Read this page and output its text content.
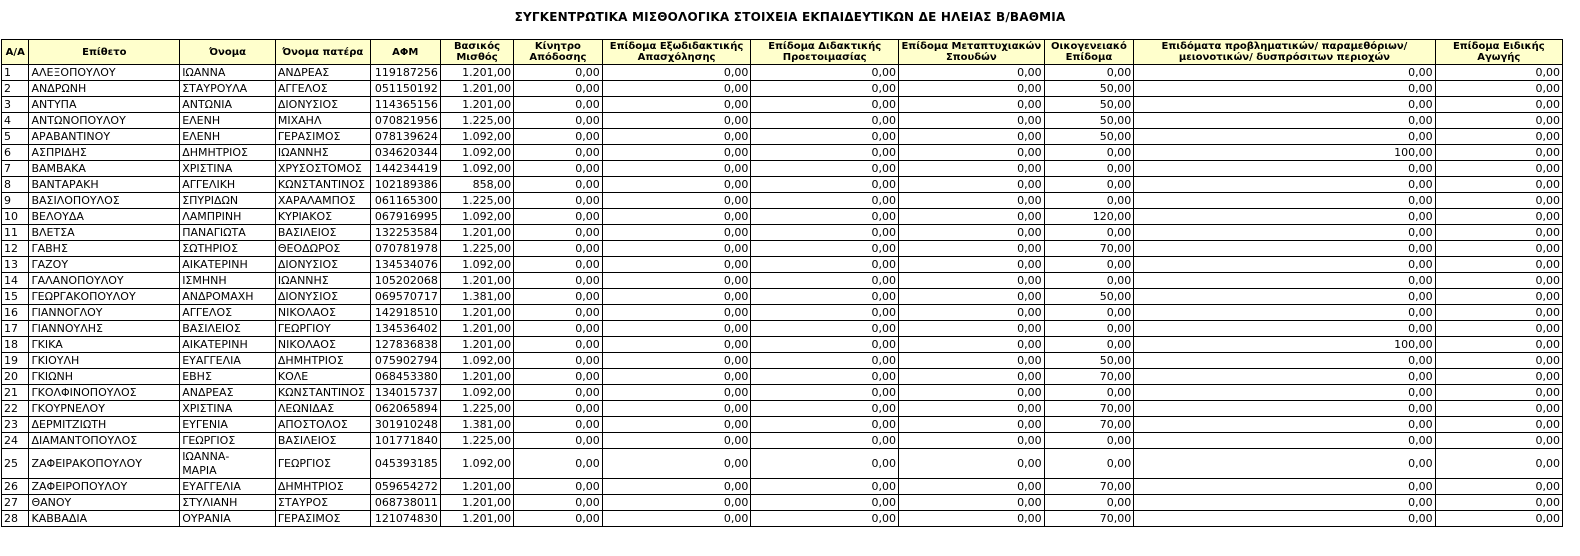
ΣΥΓΚΕΝΤΡΩΤΙΚΑ ΜΙΣΘΟΛΟΓΙΚΑ ΣΤΟΙΧΕΙΑ ΕΚΠΑΙΔΕΥΤΙΚΩΝ ΔΕ ΗΛΕΙΑΣ Β/ΒΑΘΜΙΑ
Α/Α	Επίθετο	Όνομα	Όνομα πατέρα	ΑΦΜ	Βασικός Μισθός	Κίνητρο Απόδοσης	Επίδομα Εξωδιδακτικής Απασχόλησης	Επίδομα Διδακτικής Προετοιμασίας	Επίδομα Μεταπτυχιακών Σπουδών	Οικογενειακό Επίδομα	Επιδόματα προβληματικών/ παραμεθόριων/ μειονοτικών/ δυσπρόσιτων περιοχών	Επίδομα Ειδικής Αγωγής
1	ΑΛΕΞΟΠΟΥΛΟΥ	ΙΩΑΝΝΑ	ΑΝΔΡΕΑΣ	119187256	1.201,00	0,00	0,00	0,00	0,00	0,00	0,00	0,00
2	ΑΝΔΡΩΝΗ	ΣΤΑΥΡΟΥΛΑ	ΑΓΓΕΛΟΣ	051150192	1.201,00	0,00	0,00	0,00	0,00	50,00	0,00	0,00
3	ΑΝΤΥΠΑ	ΑΝΤΩΝΙΑ	ΔΙΟΝΥΣΙΟΣ	114365156	1.201,00	0,00	0,00	0,00	0,00	50,00	0,00	0,00
4	ΑΝΤΩΝΟΠΟΥΛΟΥ	ΕΛΕΝΗ	ΜΙΧΑΗΛ	070821956	1.225,00	0,00	0,00	0,00	0,00	50,00	0,00	0,00
5	ΑΡΑΒΑΝΤΙΝΟΥ	ΕΛΕΝΗ	ΓΕΡΑΣΙΜΟΣ	078139624	1.092,00	0,00	0,00	0,00	0,00	50,00	0,00	0,00
6	ΑΣΠΡΙΔΗΣ	ΔΗΜΗΤΡΙΟΣ	ΙΩΑΝΝΗΣ	034620344	1.092,00	0,00	0,00	0,00	0,00	0,00	100,00	0,00
7	ΒΑΜΒΑΚΑ	ΧΡΙΣΤΙΝΑ	ΧΡΥΣΟΣΤΟΜΟΣ	144234419	1.092,00	0,00	0,00	0,00	0,00	0,00	0,00	0,00
8	ΒΑΝΤΑΡΑΚΗ	ΑΓΓΕΛΙΚΗ	ΚΩΝΣΤΑΝΤΙΝΟΣ	102189386	858,00	0,00	0,00	0,00	0,00	0,00	0,00	0,00
9	ΒΑΣΙΛΟΠΟΥΛΟΣ	ΣΠΥΡΙΔΩΝ	ΧΑΡΑΛΑΜΠΟΣ	061165300	1.225,00	0,00	0,00	0,00	0,00	0,00	0,00	0,00
10	ΒΕΛΟΥΔΑ	ΛΑΜΠΡΙΝΗ	ΚΥΡΙΑΚΟΣ	067916995	1.092,00	0,00	0,00	0,00	0,00	120,00	0,00	0,00
11	ΒΛΕΤΣΑ	ΠΑΝΑΓΙΩΤΑ	ΒΑΣΙΛΕΙΟΣ	132253584	1.201,00	0,00	0,00	0,00	0,00	0,00	0,00	0,00
12	ΓΑΒΗΣ	ΣΩΤΗΡΙΟΣ	ΘΕΟΔΩΡΟΣ	070781978	1.225,00	0,00	0,00	0,00	0,00	70,00	0,00	0,00
13	ΓΑΖΟΥ	ΑΙΚΑΤΕΡΙΝΗ	ΔΙΟΝΥΣΙΟΣ	134534076	1.092,00	0,00	0,00	0,00	0,00	0,00	0,00	0,00
14	ΓΑΛΑΝΟΠΟΥΛΟΥ	ΙΣΜΗΝΗ	ΙΩΑΝΝΗΣ	105202068	1.201,00	0,00	0,00	0,00	0,00	0,00	0,00	0,00
15	ΓΕΩΡΓΑΚΟΠΟΥΛΟΥ	ΑΝΔΡΟΜΑΧΗ	ΔΙΟΝΥΣΙΟΣ	069570717	1.381,00	0,00	0,00	0,00	0,00	50,00	0,00	0,00
16	ΓΙΑΝΝΟΓΛΟΥ	ΑΓΓΕΛΟΣ	ΝΙΚΟΛΑΟΣ	142918510	1.201,00	0,00	0,00	0,00	0,00	0,00	0,00	0,00
17	ΓΙΑΝΝΟΥΛΗΣ	ΒΑΣΙΛΕΙΟΣ	ΓΕΩΡΓΙΟΥ	134536402	1.201,00	0,00	0,00	0,00	0,00	0,00	0,00	0,00
18	ΓΚΙΚΑ	ΑΙΚΑΤΕΡΙΝΗ	ΝΙΚΟΛΑΟΣ	127836838	1.201,00	0,00	0,00	0,00	0,00	0,00	100,00	0,00
19	ΓΚΙΟΥΛΗ	ΕΥΑΓΓΕΛΙΑ	ΔΗΜΗΤΡΙΟΣ	075902794	1.092,00	0,00	0,00	0,00	0,00	50,00	0,00	0,00
20	ΓΚΙΩΝΗ	ΕΒΗΣ	ΚΟΛΕ	068453380	1.201,00	0,00	0,00	0,00	0,00	70,00	0,00	0,00
21	ΓΚΟΛΦΙΝΟΠΟΥΛΟΣ	ΑΝΔΡΕΑΣ	ΚΩΝΣΤΑΝΤΙΝΟΣ	134015737	1.092,00	0,00	0,00	0,00	0,00	0,00	0,00	0,00
22	ΓΚΟΥΡΝΕΛΟΥ	ΧΡΙΣΤΙΝΑ	ΛΕΩΝΙΔΑΣ	062065894	1.225,00	0,00	0,00	0,00	0,00	70,00	0,00	0,00
23	ΔΕΡΜΙΤΖΙΩΤΗ	ΕΥΓΕΝΙΑ	ΑΠΟΣΤΟΛΟΣ	301910248	1.381,00	0,00	0,00	0,00	0,00	70,00	0,00	0,00
24	ΔΙΑΜΑΝΤΟΠΟΥΛΟΣ	ΓΕΩΡΓΙΟΣ	ΒΑΣΙΛΕΙΟΣ	101771840	1.225,00	0,00	0,00	0,00	0,00	0,00	0,00	0,00
25	ΖΑΦΕΙΡΑΚΟΠΟΥΛΟΥ	ΙΩΑΝΝΑ-
ΜΑΡΙΑ	ΓΕΩΡΓΙΟΣ	045393185	1.092,00	0,00	0,00	0,00	0,00	0,00	0,00	0,00
26	ΖΑΦΕΙΡΟΠΟΥΛΟΥ	ΕΥΑΓΓΕΛΙΑ	ΔΗΜΗΤΡΙΟΣ	059654272	1.201,00	0,00	0,00	0,00	0,00	70,00	0,00	0,00
27	ΘΑΝΟΥ	ΣΤΥΛΙΑΝΗ	ΣΤΑΥΡΟΣ	068738011	1.201,00	0,00	0,00	0,00	0,00	0,00	0,00	0,00
28	ΚΑΒΒΑΔΙΑ	ΟΥΡΑΝΙΑ	ΓΕΡΑΣΙΜΟΣ	121074830	1.201,00	0,00	0,00	0,00	0,00	70,00	0,00	0,00
